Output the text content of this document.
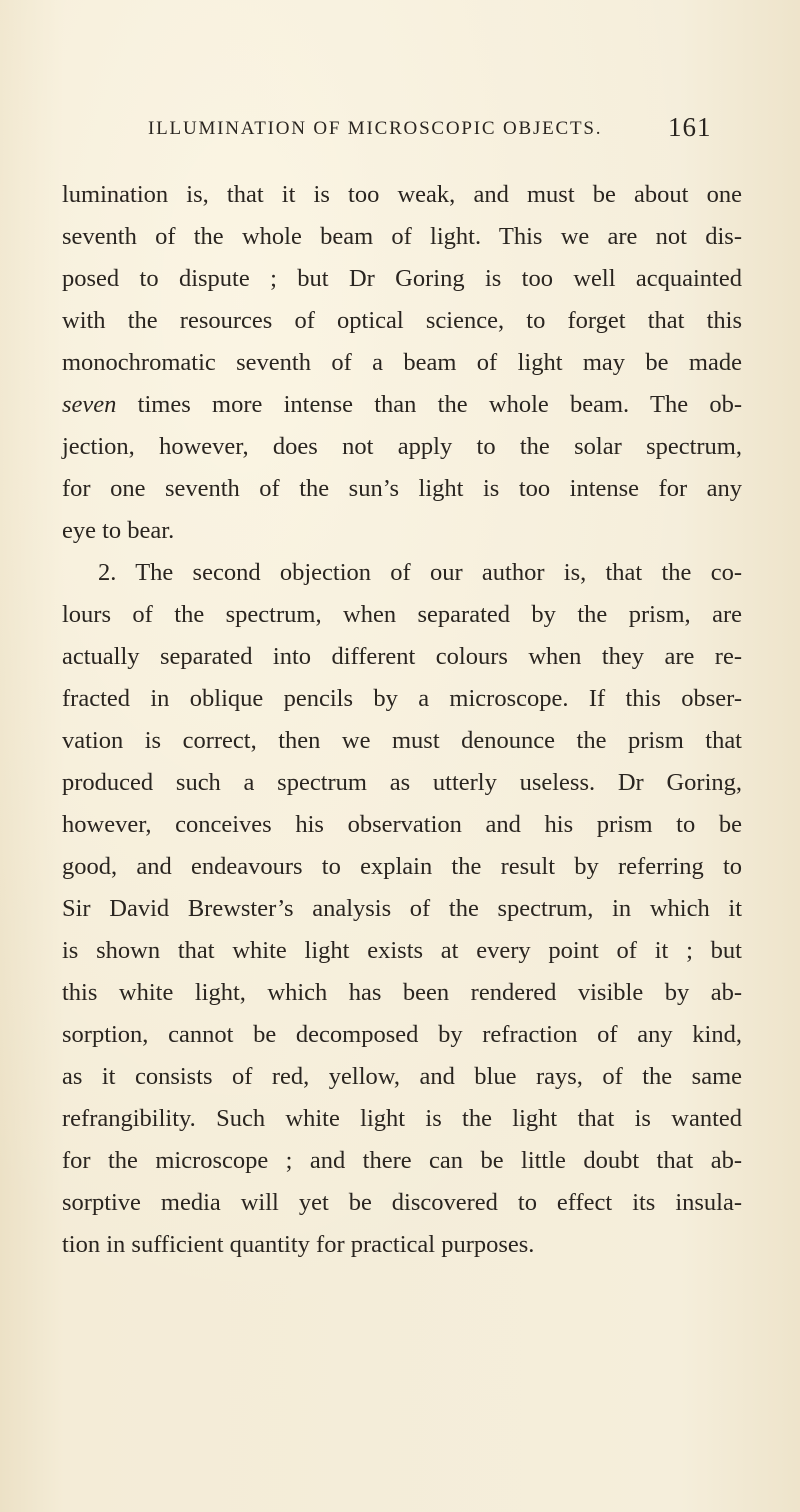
ILLUMINATION OF MICROSCOPIC OBJECTS. 161
lumination is, that it is too weak, and must be about one
seventh of the whole beam of light. This we are not dis-
posed to dispute ; but Dr Goring is too well acquainted
with the resources of optical science, to forget that this
monochromatic seventh of a beam of light may be made
seven times more intense than the whole beam. The ob-
jection, however, does not apply to the solar spectrum,
for one seventh of the sun’s light is too intense for any
eye to bear.
2. The second objection of our author is, that the co-
lours of the spectrum, when separated by the prism, are
actually separated into different colours when they are re-
fracted in oblique pencils by a microscope. If this obser-
vation is correct, then we must denounce the prism that
produced such a spectrum as utterly useless. Dr Goring,
however, conceives his observation and his prism to be
good, and endeavours to explain the result by referring to
Sir David Brewster’s analysis of the spectrum, in which it
is shown that white light exists at every point of it ; but
this white light, which has been rendered visible by ab-
sorption, cannot be decomposed by refraction of any kind,
as it consists of red, yellow, and blue rays, of the same
refrangibility. Such white light is the light that is wanted
for the microscope ; and there can be little doubt that ab-
sorptive media will yet be discovered to effect its insula-
tion in sufficient quantity for practical purposes.
